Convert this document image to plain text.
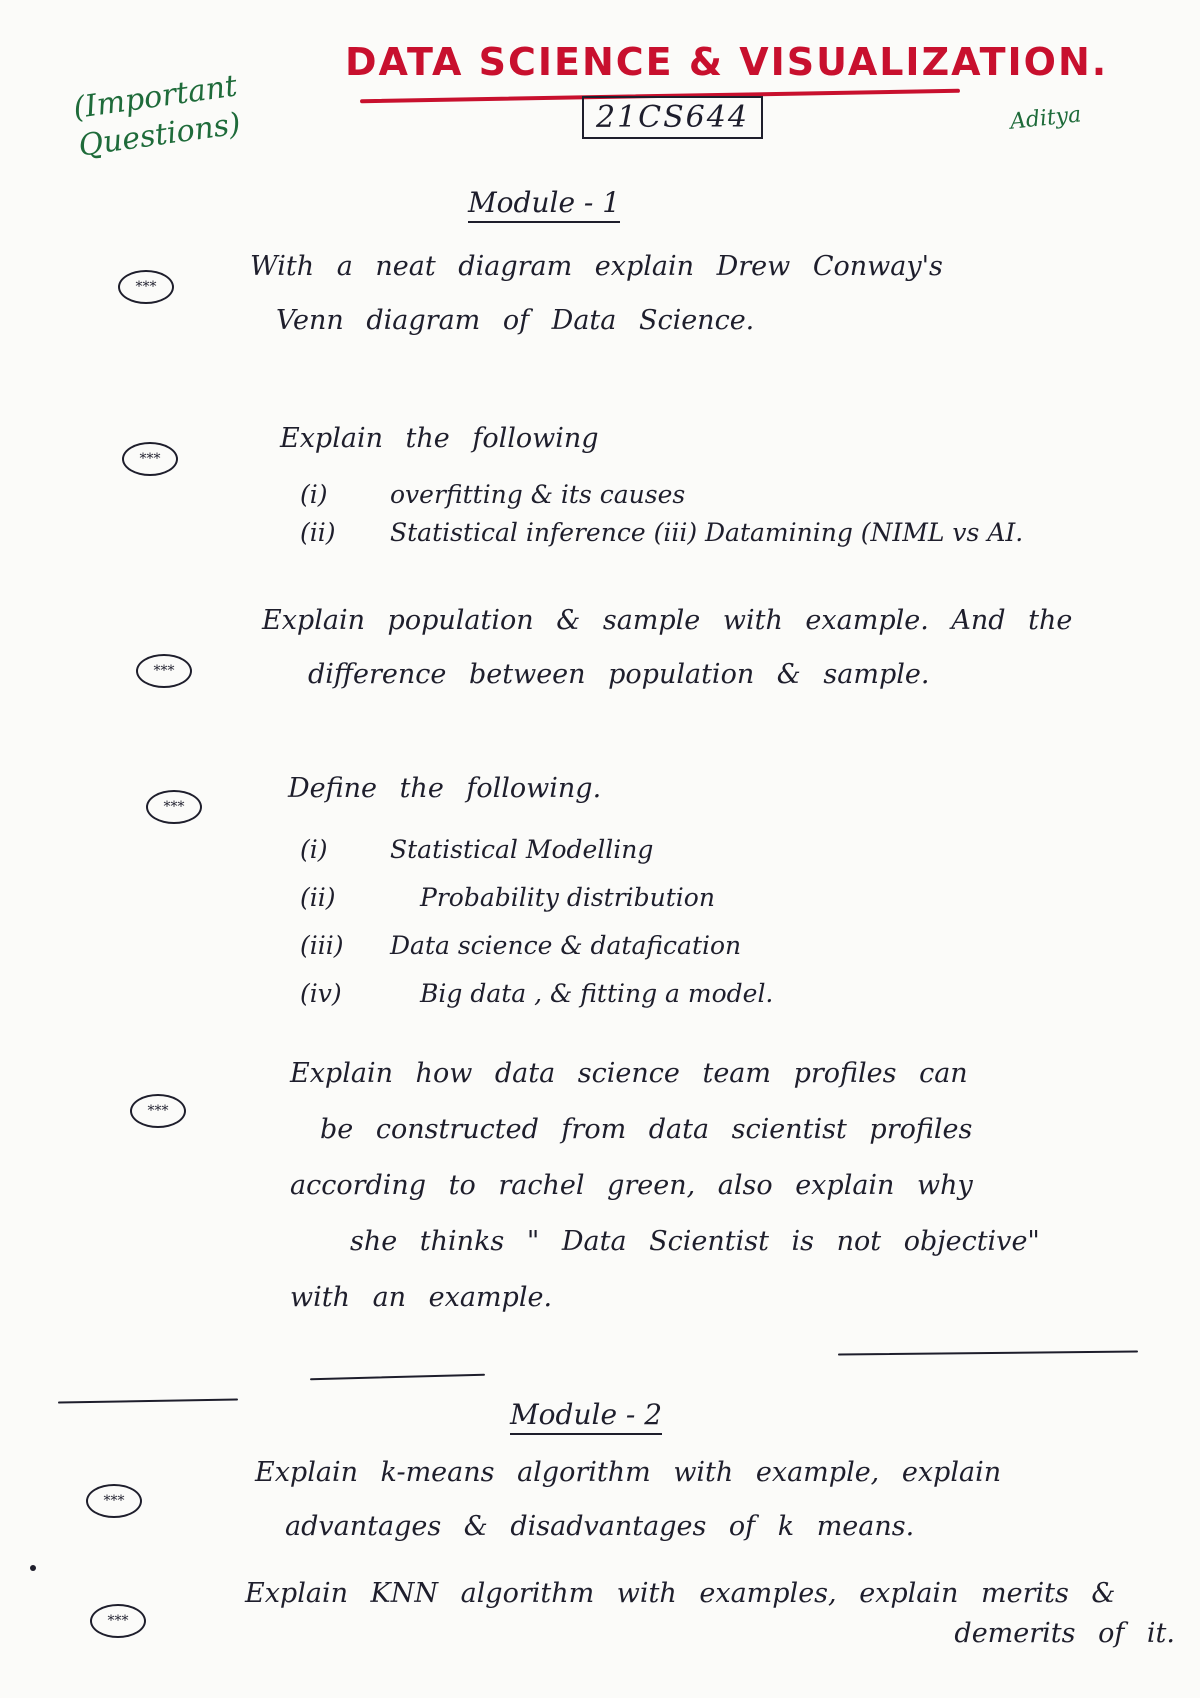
(Important Questions)
DATA SCIENCE & VISUALIZATION.
21CS644	Aditya
Module - 1
***
With a neat diagram explain Drew Conway's
Venn diagram of Data Science.
***
Explain the following
(i) overfitting & its causes
(ii) Statistical inference (iii) Datamining (NIML vs AI.
***
Explain population & sample with example. And the
difference between population & sample.
***
Define the following.
(i) Statistical Modelling
(ii)	Probability distribution
(iii) Data science & datafication
(iv)	Big data , & fitting a model.
***
Explain how data science team profiles can
be constructed from data scientist profiles
according to rachel green, also explain why
she thinks " Data Scientist is not objective"
with an example.
Module - 2
***
Explain k-means algorithm with example, explain
advantages & disadvantages of k means.
***
Explain KNN algorithm with examples, explain merits &
demerits of it.
